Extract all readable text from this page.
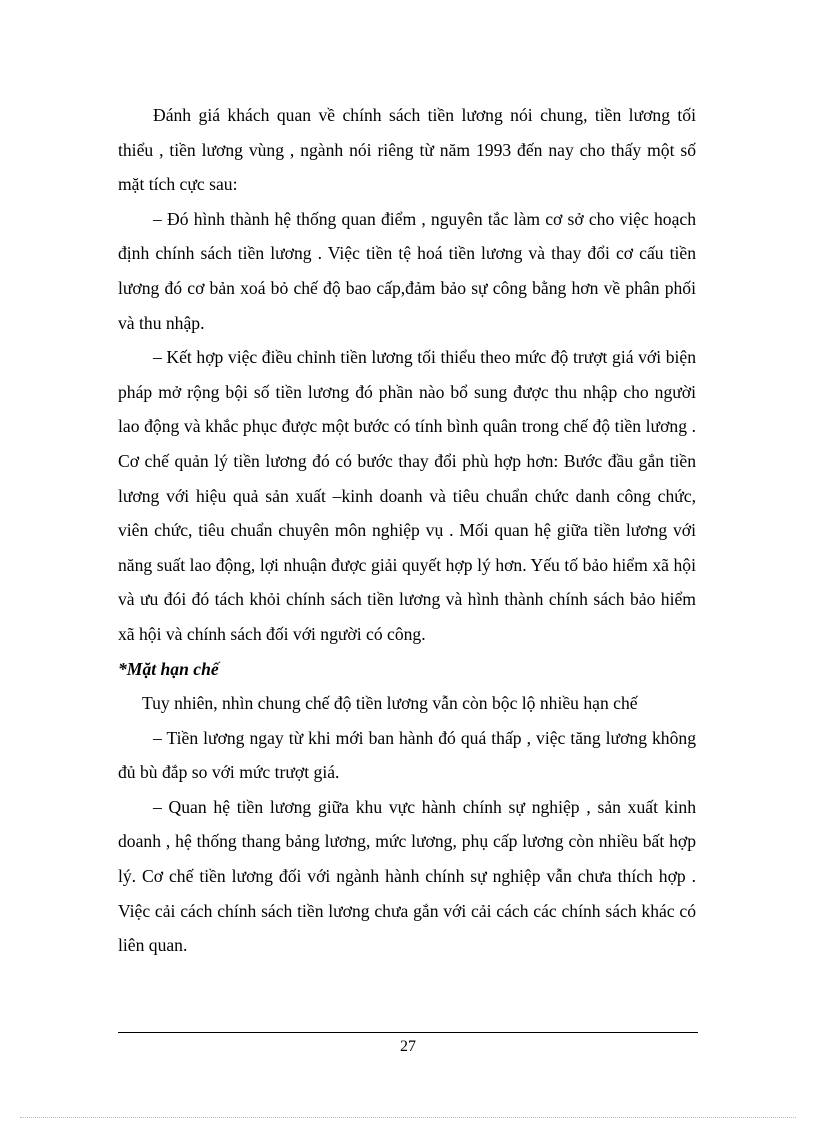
Đánh giá khách quan về chính sách tiền lương nói chung, tiền lương tối thiểu , tiền lương vùng , ngành nói riêng từ năm 1993 đến nay cho thấy một số mặt tích cực sau:

– Đó hình thành hệ thống quan điểm , nguyên tắc làm cơ sở cho việc hoạch định chính sách tiền lương . Việc tiền tệ hoá tiền lương và thay đổi cơ cấu tiền lương đó cơ bản xoá bỏ chế độ bao cấp,đảm bảo sự công bằng hơn về phân phối và thu nhập.

– Kết hợp việc điều chỉnh tiền lương tối thiểu theo mức độ trượt giá với biện pháp mở rộng bội số tiền lương đó phần nào bổ sung được thu nhập cho người lao động và khắc phục được một bước có tính bình quân trong chế độ tiền lương . Cơ chế quản lý tiền lương đó có bước thay đổi phù hợp hơn: Bước đầu gắn tiền lương với hiệu quả sản xuất –kinh doanh và tiêu chuẩn chức danh công chức, viên chức, tiêu chuẩn chuyên môn nghiệp vụ . Mối quan hệ giữa tiền lương với năng suất lao động, lợi nhuận được giải quyết hợp lý hơn. Yếu tố bảo hiểm xã hội và ưu đói đó tách khỏi chính sách tiền lương và hình thành chính sách bảo hiểm xã hội và chính sách đối với người có công.

*Mặt hạn chế

Tuy nhiên, nhìn chung chế độ tiền lương vẫn còn bộc lộ nhiều hạn chế

– Tiền lương ngay từ khi mới ban hành đó quá thấp , việc tăng lương không đủ bù đắp so với mức trượt giá.

– Quan hệ tiền lương giữa khu vực hành chính sự nghiệp , sản xuất kinh doanh , hệ thống thang bảng lương, mức lương, phụ cấp lương còn nhiều bất hợp lý. Cơ chế tiền lương đối với ngành hành chính sự nghiệp vẫn chưa thích hợp . Việc cải cách chính sách tiền lương chưa gắn với cải cách các chính sách khác có liên quan.

27
